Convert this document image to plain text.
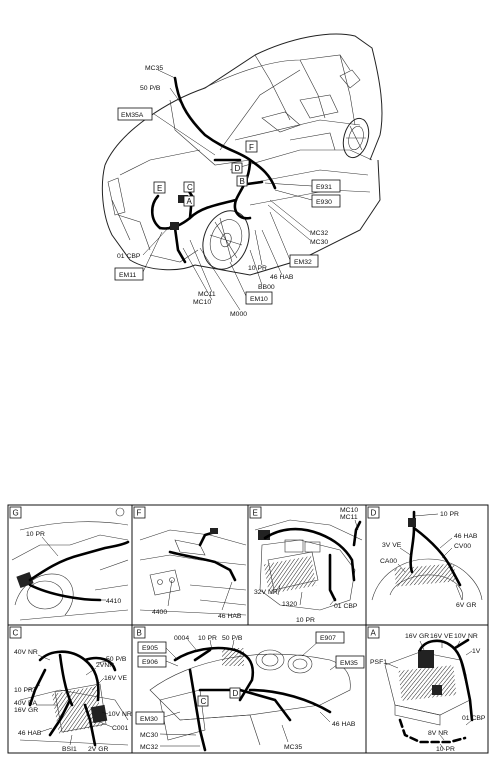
F
E	C
B
A
D
MC35
50 P/B
EM35A
01 CBP
EM11
MC11
MC10
M000
EM10
BB00
46 HAB
10 PR
EM32
MC30
MC32
E930
E931
G
10 PR
4410
F
4400
46 HAB
E	MC10
MC11
32V NR
1320
10 PR
01 CBP
D	10 PR
3V VE
46 HAB
CV00
CA00
6V GR
C
40V NR
50 P/B
2VNR
16V VE
10 PR
40V BA
16V GR
10V NR
C001
46 HAB
BSI1 2V GR
B
C
D
0004 10 PR 50 P/B	E907
E905
E906	EM35
EM30
46 HAB
MC30
MC32	MC35
A	16V GR 16V VE 10V NR
1V
PSF1
01 CBP
8V NR
10 PR
